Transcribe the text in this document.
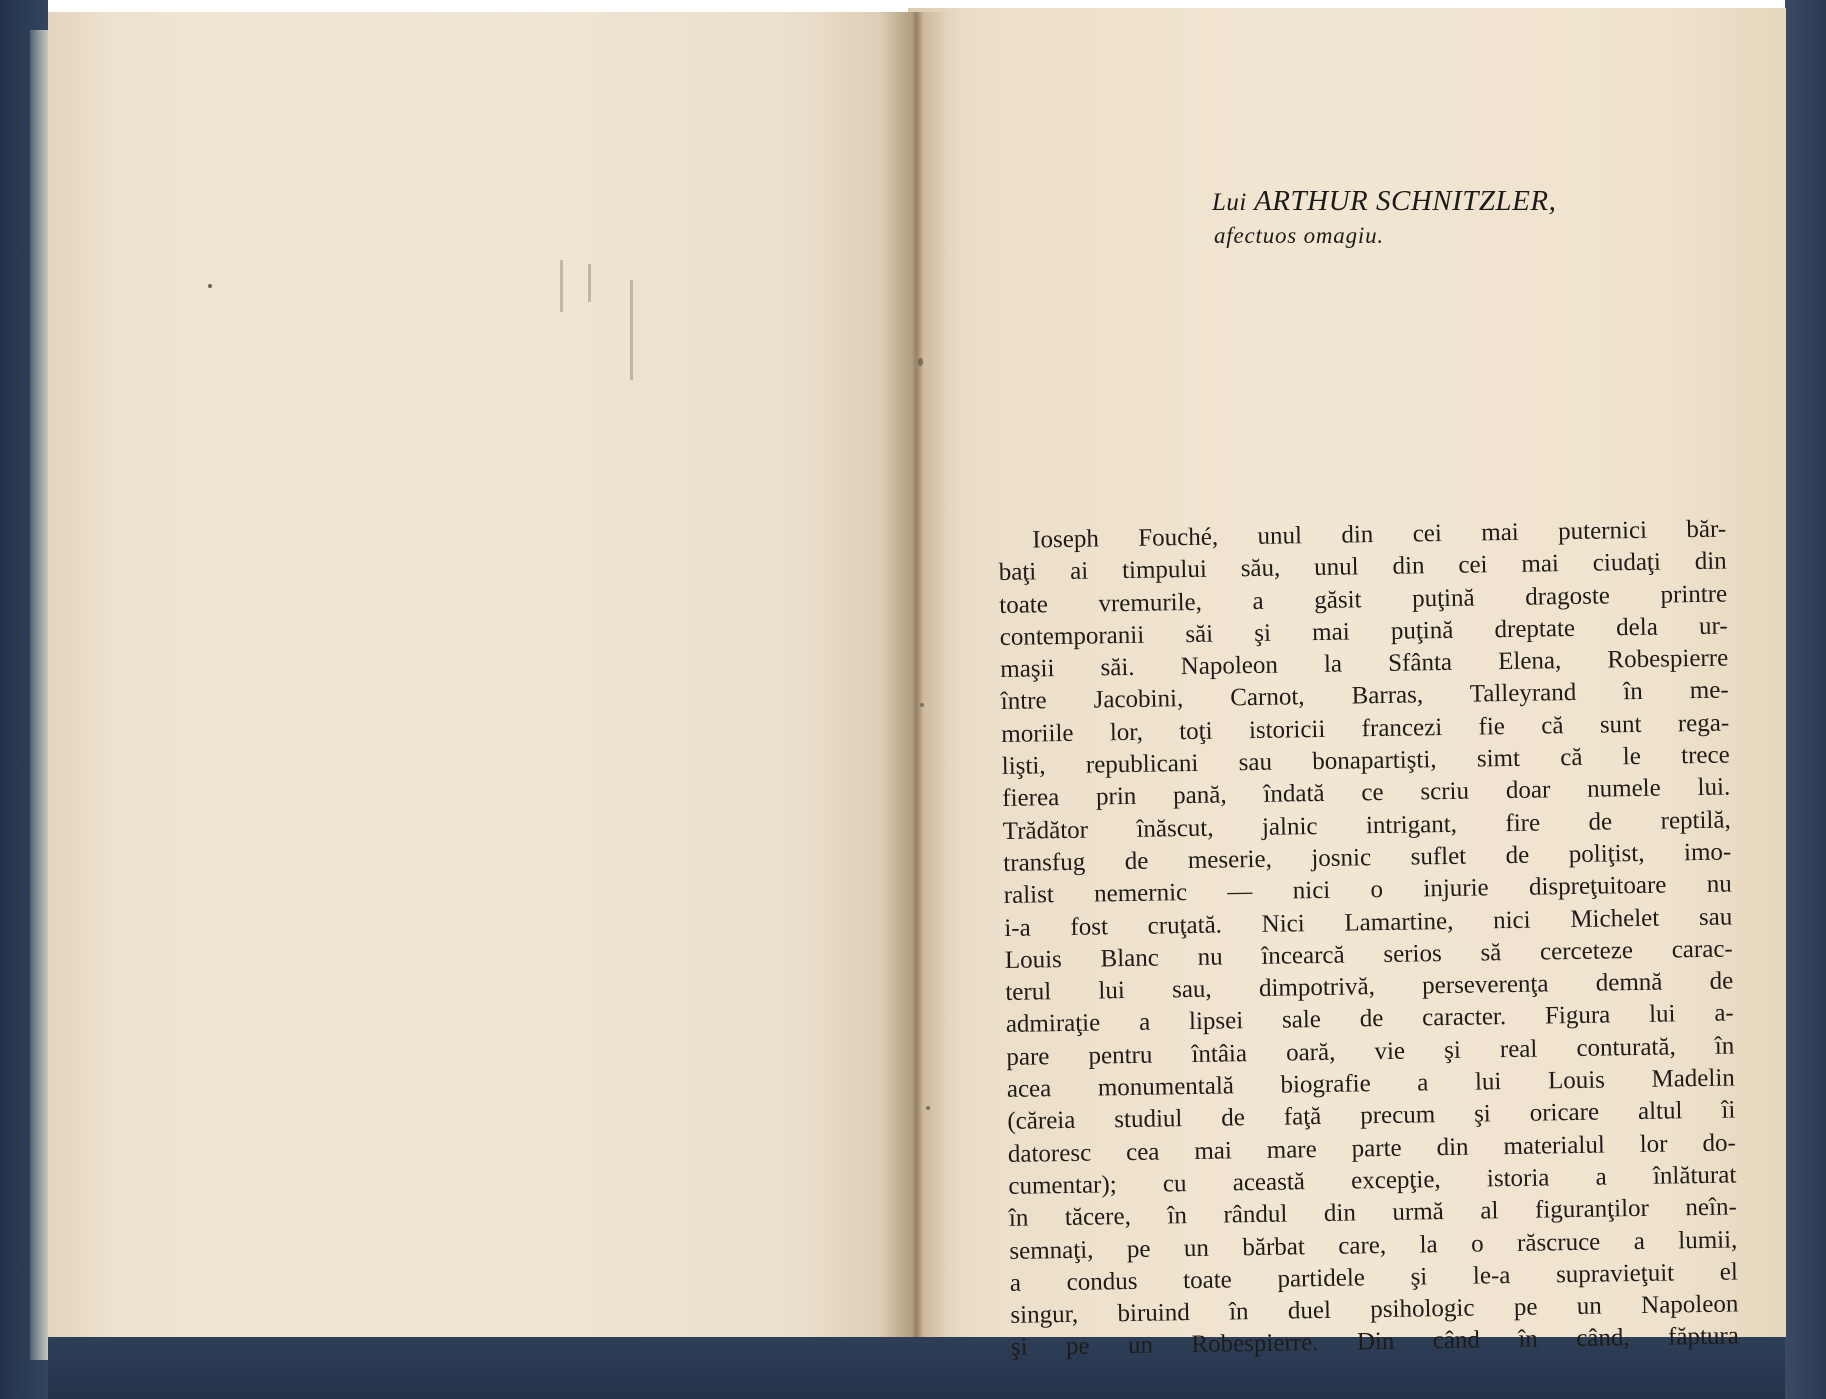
Lui ARTHUR SCHNITZLER,
afectuos omagiu.
Ioseph Fouché, unul din cei mai puternici băr-
baţi ai timpului său, unul din cei mai ciudaţi din
toate vremurile, a găsit puţină dragoste printre
contemporanii săi şi mai puţină dreptate dela ur-
maşii săi. Napoleon la Sfânta Elena, Robespierre
între Jacobini, Carnot, Barras, Talleyrand în me-
moriile lor, toţi istoricii francezi fie că sunt rega-
lişti, republicani sau bonapartişti, simt că le trece
fierea prin pană, îndată ce scriu doar numele lui.
Trădător înăscut, jalnic intrigant, fire de reptilă,
transfug de meserie, josnic suflet de poliţist, imo-
ralist nemernic — nici o injurie dispreţuitoare nu
i-a fost cruţată. Nici Lamartine, nici Michelet sau
Louis Blanc nu încearcă serios să cerceteze carac-
terul lui sau, dimpotrivă, perseverenţa demnă de
admiraţie a lipsei sale de caracter. Figura lui a-
pare pentru întâia oară, vie şi real conturată, în
acea monumentală biografie a lui Louis Madelin
(căreia studiul de faţă precum şi oricare altul îi
datoresc cea mai mare parte din materialul lor do-
cumentar); cu această excepţie, istoria a înlăturat
în tăcere, în rândul din urmă al figuranţilor neîn-
semnaţi, pe un bărbat care, la o răscruce a lumii,
a condus toate partidele şi le-a supravieţuit el
singur, biruind în duel psihologic pe un Napoleon
şi pe un Robespierre. Din când în când, făptura
